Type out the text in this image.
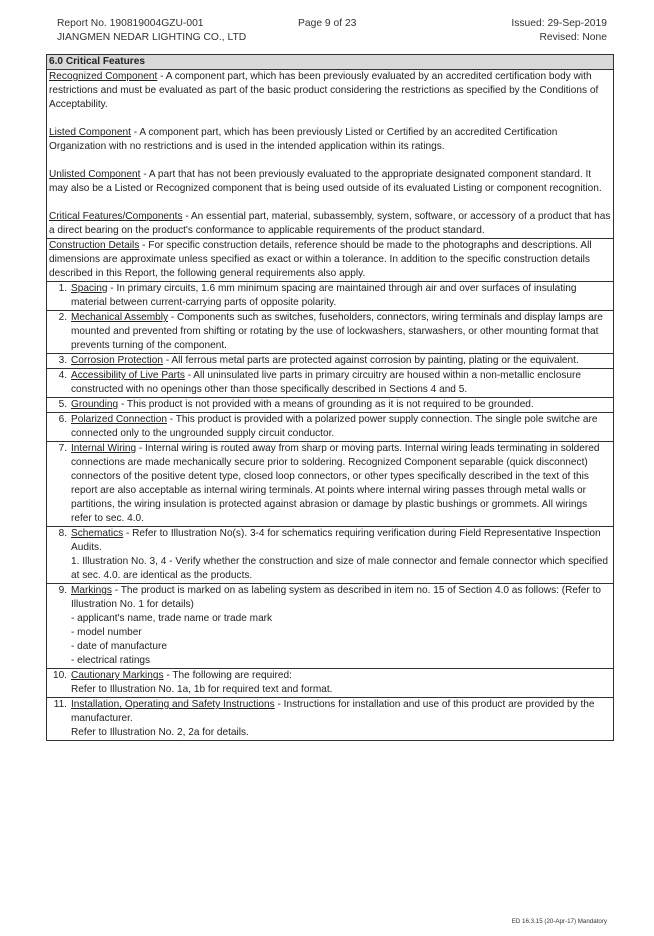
Report No. 190819004GZU-001
JIANGMEN NEDAR LIGHTING CO., LTD
Page 9 of 23	Issued: 29-Sep-2019
Revised: None
6.0 Critical Features

Recognized Component - A component part, which has been previously evaluated by an accredited certification body with restrictions and must be evaluated as part of the basic product considering the restrictions as specified by the Conditions of Acceptability.

Listed Component - A component part, which has been previously Listed or Certified by an accredited Certification Organization with no restrictions and is used in the intended application within its ratings.

Unlisted Component - A part that has not been previously evaluated to the appropriate designated component standard. It may also be a Listed or Recognized component that is being used outside of its evaluated Listing or component recognition.

Critical Features/Components - An essential part, material, subassembly, system, software, or accessory of a product that has a direct bearing on the product's conformance to applicable requirements of the product standard.

Construction Details - For specific construction details, reference should be made to the photographs and descriptions. All dimensions are approximate unless specified as exact or within a tolerance. In addition to the specific construction details described in this Report, the following general requirements also apply.

1. Spacing - In primary circuits, 1.6 mm minimum spacing are maintained through air and over surfaces of insulating material between current-carrying parts of opposite polarity.
2. Mechanical Assembly - Components such as switches, fuseholders, connectors, wiring terminals and display lamps are mounted and prevented from shifting or rotating by the use of lockwashers, starwashers, or other mounting format that prevents turning of the component.
3. Corrosion Protection - All ferrous metal parts are protected against corrosion by painting, plating or the equivalent.
4. Accessibility of Live Parts - All uninsulated live parts in primary circuitry are housed within a non-metallic enclosure constructed with no openings other than those specifically described in Sections 4 and 5.
5. Grounding - This product is not provided with a means of grounding as it is not required to be grounded.
6. Polarized Connection - This product is provided with a polarized power supply connection. The single pole switche are connected only to the ungrounded supply circuit conductor.
7. Internal Wiring - Internal wiring is routed away from sharp or moving parts. Internal wiring leads terminating in soldered connections are made mechanically secure prior to soldering. Recognized Component separable (quick disconnect) connectors of the positive detent type, closed loop connectors, or other types specifically described in the text of this report are also acceptable as internal wiring terminals. At points where internal wiring passes through metal walls or partitions, the wiring insulation is protected against abrasion or damage by plastic bushings or grommets. All wirings refer to sec. 4.0.
8. Schematics - Refer to Illustration No(s). 3-4 for schematics requiring verification during Field Representative Inspection Audits.
1. Illustration No. 3, 4 - Verify whether the construction and size of male connector and female connector which specified at sec. 4.0. are identical as the products.
9. Markings - The product is marked on as labeling system as described in item no. 15 of Section 4.0 as follows: (Refer to Illustration No. 1 for details)
- applicant's name, trade name or trade mark
- model number
- date of manufacture
- electrical ratings
10. Cautionary Markings - The following are required:
Refer to Illustration No. 1a, 1b for required text and format.
11. Installation, Operating and Safety Instructions - Instructions for installation and use of this product are provided by the manufacturer.
Refer to Illustration No. 2, 2a for details.
ED 16.3.15 (20-Apr-17) Mandatory
